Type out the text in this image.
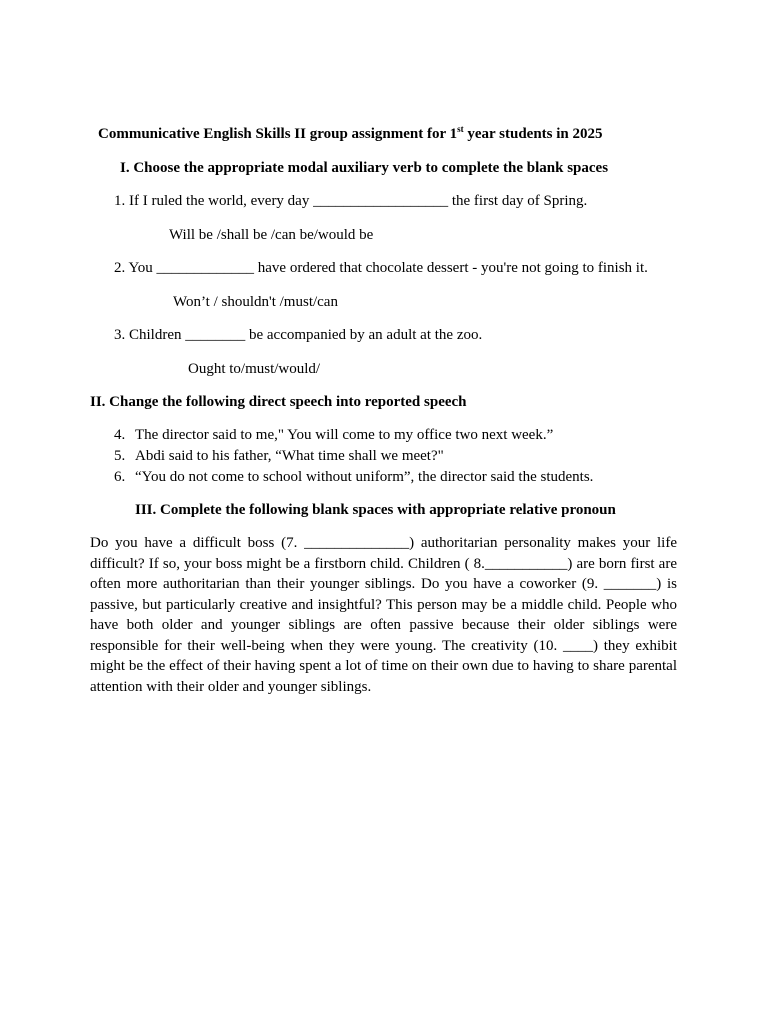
Communicative English Skills II group assignment for 1st year students in 2025
I. Choose the appropriate modal auxiliary verb to complete the blank spaces
1. If I ruled the world, every day __________________ the first day of Spring.
Will be /shall be /can be/would be
2. You _____________ have ordered that chocolate dessert - you're not going to finish it.
Won’t / shouldn't /must/can
3. Children ________ be accompanied by an adult at the zoo.
Ought to/must/would/
II. Change the following direct speech into reported speech
4. The director said to me," You will come to my office two next week.”
5. Abdi said to his father, “What time shall we meet?"
6. “You do not come to school without uniform”, the director said the students.
III. Complete the following blank spaces with appropriate relative pronoun
Do you have a difficult boss (7. ______________) authoritarian personality makes your life difficult? If so, your boss might be a firstborn child. Children ( 8.___________) are born first are often more authoritarian than their younger siblings. Do you have a coworker (9. _______) is passive, but particularly creative and insightful? This person may be a middle child. People who have both older and younger siblings are often passive because their older siblings were responsible for their well-being when they were young. The creativity (10. ____) they exhibit might be the effect of their having spent a lot of time on their own due to having to share parental attention with their older and younger siblings.
